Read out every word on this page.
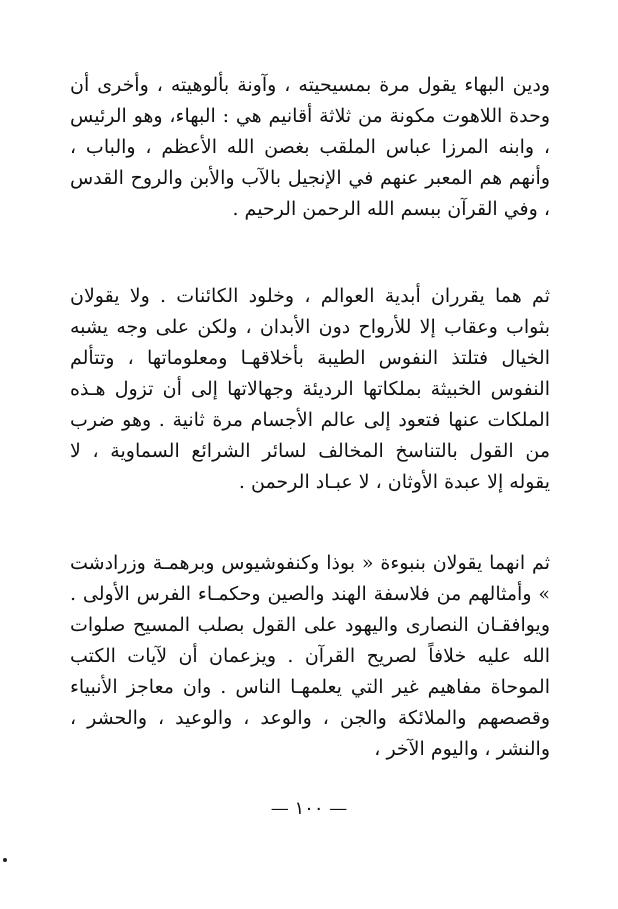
ودين البهاء يقول مرة بمسيحيته ، وآونة بألوهيته ، وأخرى أن وحدة اللاهوت مكونة من ثلاثة أقانيم هي : البهاء، وهو الرئيس ، وابنه المرزا عباس الملقب بغصن الله الأعظم ، والباب ، وأنهم هم المعبر عنهم في الإنجيل بالآب والأبن والروح القدس ، وفي القرآن ببسم الله الرحمن الرحيم .

ثم هما يقرران أبدية العوالم ، وخلود الكائنات . ولا يقولان بثواب وعقاب إلا للأرواح دون الأبدان ، ولكن على وجه يشبه الخيال فتلتذ النفوس الطيبة بأخلاقهـا ومعلوماتها ، وتتألم النفوس الخبيثة بملكاتها الرديئة وجهالاتها إلى أن تزول هـذه الملكات عنها فتعود إلى عالم الأجسام مرة ثانية . وهو ضرب من القول بالتناسخ المخالف لسائر الشرائع السماوية ، لا يقوله إلا عبدة الأوثان ، لا عبـاد الرحمن .

ثم انهما يقولان بنبوءة « بوذا وكنفوشيوس وبرهمـة وزرادشت » وأمثالهم من فلاسفة الهند والصين وحكمـاء الفرس الأولى . ويوافقـان النصارى واليهود على القول بصلب المسيح صلوات الله عليه خلافاً لصريح القرآن . ويزعمان أن لآيات الكتب الموحاة مفاهيم غير التي يعلمهـا الناس . وان معاجز الأنبياء وقصصهم والملائكة والجن ، والوعد ، والوعيد ، والحشر ، والنشر ، واليوم الآخر ،

— ١٠٠ —
